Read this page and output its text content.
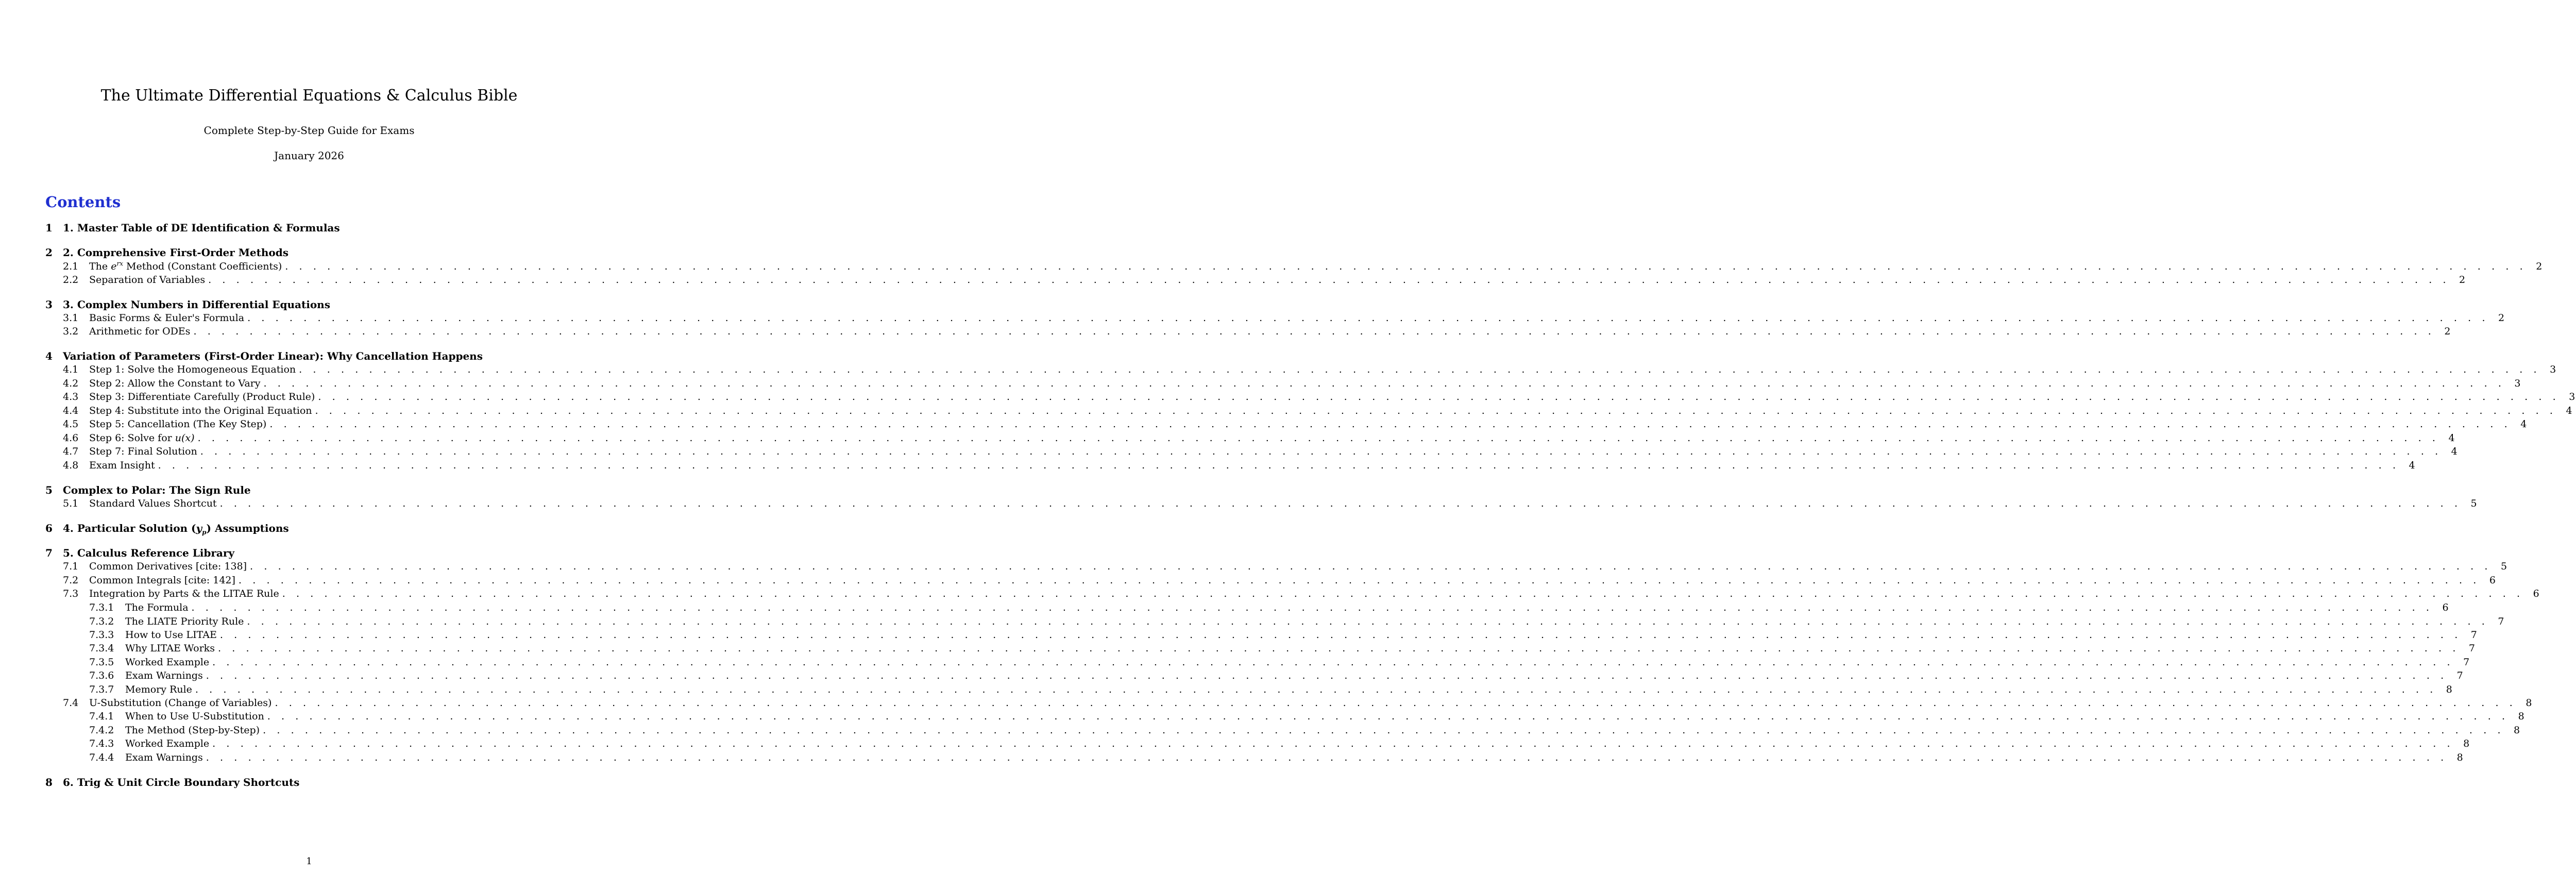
The Ultimate Differential Equations & Calculus Bible
Complete Step-by-Step Guide for Exams
January 2026
Contents
1	1. Master Table of DE Identification & Formulas
2	2. Comprehensive First-Order Methods
2.1	The $e^{rx}$ Method (Constant Coefficients) . . . . . . . . . . . . . . . . . . . . . . . . . . . . . . . . . . . . . . . . . . . . . . . . . . . . . . . . . . . . . . . . . . . . . . . . . . . . . . . . . . . . . . . . . . . . . . . . . . . . . . . . . . . . . . . . . . . . . . . . . . . . . . . . . . . . . . . . . . . . . . . . . . . . . . . . . . . . . . . . 2
2.2	Separation of Variables . . . . . . . . . . . . . . . . . . . . . . . . . . . . . . . . . . . . . . . . . . . . . . . . . . . . . . . . . . . . . . . . . . . . . . . . . . . . . . . . . . . . . . . . . . . . . . . . . . . . . . . . . . . . . . . . . . . . . . . . . . . . . . . . . . . . . . . . . . . . . . . . . . . . . . . . . . . . . . . . 2
3	3. Complex Numbers in Differential Equations
3.1	Basic Forms & Euler's Formula . . . . . . . . . . . . . . . . . . . . . . . . . . . . . . . . . . . . . . . . . . . . . . . . . . . . . . . . . . . . . . . . . . . . . . . . . . . . . . . . . . . . . . . . . . . . . . . . . . . . . . . . . . . . . . . . . . . . . . . . . . . . . . . . . . . . . . . . . . . . . . . . . . . . . . . . . . . . . . . . 2
3.2	Arithmetic for ODEs . . . . . . . . . . . . . . . . . . . . . . . . . . . . . . . . . . . . . . . . . . . . . . . . . . . . . . . . . . . . . . . . . . . . . . . . . . . . . . . . . . . . . . . . . . . . . . . . . . . . . . . . . . . . . . . . . . . . . . . . . . . . . . . . . . . . . . . . . . . . . . . . . . . . . . . . . . . . . . . . 2
4	Variation of Parameters (First-Order Linear): Why Cancellation Happens
4.1	Step 1: Solve the Homogeneous Equation . . . . . . . . . . . . . . . . . . . . . . . . . . . . . . . . . . . . . . . . . . . . . . . . . . . . . . . . . . . . . . . . . . . . . . . . . . . . . . . . . . . . . . . . . . . . . . . . . . . . . . . . . . . . . . . . . . . . . . . . . . . . . . . . . . . . . . . . . . . . . . . . . . . . . . . . . . . . . . . . 3
4.2	Step 2: Allow the Constant to Vary . . . . . . . . . . . . . . . . . . . . . . . . . . . . . . . . . . . . . . . . . . . . . . . . . . . . . . . . . . . . . . . . . . . . . . . . . . . . . . . . . . . . . . . . . . . . . . . . . . . . . . . . . . . . . . . . . . . . . . . . . . . . . . . . . . . . . . . . . . . . . . . . . . . . . . . . . . . . . . . . 3
4.3	Step 3: Differentiate Carefully (Product Rule) . . . . . . . . . . . . . . . . . . . . . . . . . . . . . . . . . . . . . . . . . . . . . . . . . . . . . . . . . . . . . . . . . . . . . . . . . . . . . . . . . . . . . . . . . . . . . . . . . . . . . . . . . . . . . . . . . . . . . . . . . . . . . . . . . . . . . . . . . . . . . . . . . . . . . . . . . . . . . . . . 3
4.4	Step 4: Substitute into the Original Equation . . . . . . . . . . . . . . . . . . . . . . . . . . . . . . . . . . . . . . . . . . . . . . . . . . . . . . . . . . . . . . . . . . . . . . . . . . . . . . . . . . . . . . . . . . . . . . . . . . . . . . . . . . . . . . . . . . . . . . . . . . . . . . . . . . . . . . . . . . . . . . . . . . . . . . . . . . . . . . . . 4
4.5	Step 5: Cancellation (The Key Step) . . . . . . . . . . . . . . . . . . . . . . . . . . . . . . . . . . . . . . . . . . . . . . . . . . . . . . . . . . . . . . . . . . . . . . . . . . . . . . . . . . . . . . . . . . . . . . . . . . . . . . . . . . . . . . . . . . . . . . . . . . . . . . . . . . . . . . . . . . . . . . . . . . . . . . . . . . . . . . . . 4
4.6	Step 6: Solve for u(x) . . . . . . . . . . . . . . . . . . . . . . . . . . . . . . . . . . . . . . . . . . . . . . . . . . . . . . . . . . . . . . . . . . . . . . . . . . . . . . . . . . . . . . . . . . . . . . . . . . . . . . . . . . . . . . . . . . . . . . . . . . . . . . . . . . . . . . . . . . . . . . . . . . . . . . . . . . . . . . . . 4
4.7	Step 7: Final Solution . . . . . . . . . . . . . . . . . . . . . . . . . . . . . . . . . . . . . . . . . . . . . . . . . . . . . . . . . . . . . . . . . . . . . . . . . . . . . . . . . . . . . . . . . . . . . . . . . . . . . . . . . . . . . . . . . . . . . . . . . . . . . . . . . . . . . . . . . . . . . . . . . . . . . . . . . . . . . . . . 4
4.8	Exam Insight . . . . . . . . . . . . . . . . . . . . . . . . . . . . . . . . . . . . . . . . . . . . . . . . . . . . . . . . . . . . . . . . . . . . . . . . . . . . . . . . . . . . . . . . . . . . . . . . . . . . . . . . . . . . . . . . . . . . . . . . . . . . . . . . . . . . . . . . . . . . . . . . . . . . . . . . . . . . . . . . 4
5	Complex to Polar: The Sign Rule
5.1	Standard Values Shortcut . . . . . . . . . . . . . . . . . . . . . . . . . . . . . . . . . . . . . . . . . . . . . . . . . . . . . . . . . . . . . . . . . . . . . . . . . . . . . . . . . . . . . . . . . . . . . . . . . . . . . . . . . . . . . . . . . . . . . . . . . . . . . . . . . . . . . . . . . . . . . . . . . . . . . . . . . . . . . . . . 5
6	4. Particular Solution $(y_p)$ Assumptions
7	5. Calculus Reference Library
7.1	Common Derivatives [cite: 138] . . . . . . . . . . . . . . . . . . . . . . . . . . . . . . . . . . . . . . . . . . . . . . . . . . . . . . . . . . . . . . . . . . . . . . . . . . . . . . . . . . . . . . . . . . . . . . . . . . . . . . . . . . . . . . . . . . . . . . . . . . . . . . . . . . . . . . . . . . . . . . . . . . . . . . . . . . . . . . . . 5
7.2	Common Integrals [cite: 142] . . . . . . . . . . . . . . . . . . . . . . . . . . . . . . . . . . . . . . . . . . . . . . . . . . . . . . . . . . . . . . . . . . . . . . . . . . . . . . . . . . . . . . . . . . . . . . . . . . . . . . . . . . . . . . . . . . . . . . . . . . . . . . . . . . . . . . . . . . . . . . . . . . . . . . . . . . . . . . . . 6
7.3	Integration by Parts & the LITAE Rule . . . . . . . . . . . . . . . . . . . . . . . . . . . . . . . . . . . . . . . . . . . . . . . . . . . . . . . . . . . . . . . . . . . . . . . . . . . . . . . . . . . . . . . . . . . . . . . . . . . . . . . . . . . . . . . . . . . . . . . . . . . . . . . . . . . . . . . . . . . . . . . . . . . . . . . . . . . . . . . . 6
7.3.1	The Formula . . . . . . . . . . . . . . . . . . . . . . . . . . . . . . . . . . . . . . . . . . . . . . . . . . . . . . . . . . . . . . . . . . . . . . . . . . . . . . . . . . . . . . . . . . . . . . . . . . . . . . . . . . . . . . . . . . . . . . . . . . . . . . . . . . . . . . . . . . . . . . . . . . . . . . . . . . . . . . . . 6
7.3.2	The LIATE Priority Rule . . . . . . . . . . . . . . . . . . . . . . . . . . . . . . . . . . . . . . . . . . . . . . . . . . . . . . . . . . . . . . . . . . . . . . . . . . . . . . . . . . . . . . . . . . . . . . . . . . . . . . . . . . . . . . . . . . . . . . . . . . . . . . . . . . . . . . . . . . . . . . . . . . . . . . . . . . . . . . . . 7
7.3.3	How to Use LITAE . . . . . . . . . . . . . . . . . . . . . . . . . . . . . . . . . . . . . . . . . . . . . . . . . . . . . . . . . . . . . . . . . . . . . . . . . . . . . . . . . . . . . . . . . . . . . . . . . . . . . . . . . . . . . . . . . . . . . . . . . . . . . . . . . . . . . . . . . . . . . . . . . . . . . . . . . . . . . . . . 7
7.3.4	Why LITAE Works . . . . . . . . . . . . . . . . . . . . . . . . . . . . . . . . . . . . . . . . . . . . . . . . . . . . . . . . . . . . . . . . . . . . . . . . . . . . . . . . . . . . . . . . . . . . . . . . . . . . . . . . . . . . . . . . . . . . . . . . . . . . . . . . . . . . . . . . . . . . . . . . . . . . . . . . . . . . . . . . 7
7.3.5	Worked Example . . . . . . . . . . . . . . . . . . . . . . . . . . . . . . . . . . . . . . . . . . . . . . . . . . . . . . . . . . . . . . . . . . . . . . . . . . . . . . . . . . . . . . . . . . . . . . . . . . . . . . . . . . . . . . . . . . . . . . . . . . . . . . . . . . . . . . . . . . . . . . . . . . . . . . . . . . . . . . . . 7
7.3.6	Exam Warnings . . . . . . . . . . . . . . . . . . . . . . . . . . . . . . . . . . . . . . . . . . . . . . . . . . . . . . . . . . . . . . . . . . . . . . . . . . . . . . . . . . . . . . . . . . . . . . . . . . . . . . . . . . . . . . . . . . . . . . . . . . . . . . . . . . . . . . . . . . . . . . . . . . . . . . . . . . . . . . . . 7
7.3.7	Memory Rule . . . . . . . . . . . . . . . . . . . . . . . . . . . . . . . . . . . . . . . . . . . . . . . . . . . . . . . . . . . . . . . . . . . . . . . . . . . . . . . . . . . . . . . . . . . . . . . . . . . . . . . . . . . . . . . . . . . . . . . . . . . . . . . . . . . . . . . . . . . . . . . . . . . . . . . . . . . . . . . . 8
7.4	U-Substitution (Change of Variables) . . . . . . . . . . . . . . . . . . . . . . . . . . . . . . . . . . . . . . . . . . . . . . . . . . . . . . . . . . . . . . . . . . . . . . . . . . . . . . . . . . . . . . . . . . . . . . . . . . . . . . . . . . . . . . . . . . . . . . . . . . . . . . . . . . . . . . . . . . . . . . . . . . . . . . . . . . . . . . . . 8
7.4.1	When to Use U-Substitution . . . . . . . . . . . . . . . . . . . . . . . . . . . . . . . . . . . . . . . . . . . . . . . . . . . . . . . . . . . . . . . . . . . . . . . . . . . . . . . . . . . . . . . . . . . . . . . . . . . . . . . . . . . . . . . . . . . . . . . . . . . . . . . . . . . . . . . . . . . . . . . . . . . . . . . . . . . . . . . . 8
7.4.2	The Method (Step-by-Step) . . . . . . . . . . . . . . . . . . . . . . . . . . . . . . . . . . . . . . . . . . . . . . . . . . . . . . . . . . . . . . . . . . . . . . . . . . . . . . . . . . . . . . . . . . . . . . . . . . . . . . . . . . . . . . . . . . . . . . . . . . . . . . . . . . . . . . . . . . . . . . . . . . . . . . . . . . . . . . . . 8
7.4.3	Worked Example . . . . . . . . . . . . . . . . . . . . . . . . . . . . . . . . . . . . . . . . . . . . . . . . . . . . . . . . . . . . . . . . . . . . . . . . . . . . . . . . . . . . . . . . . . . . . . . . . . . . . . . . . . . . . . . . . . . . . . . . . . . . . . . . . . . . . . . . . . . . . . . . . . . . . . . . . . . . . . . . 8
7.4.4	Exam Warnings . . . . . . . . . . . . . . . . . . . . . . . . . . . . . . . . . . . . . . . . . . . . . . . . . . . . . . . . . . . . . . . . . . . . . . . . . . . . . . . . . . . . . . . . . . . . . . . . . . . . . . . . . . . . . . . . . . . . . . . . . . . . . . . . . . . . . . . . . . . . . . . . . . . . . . . . . . . . . . . . 8
8	6. Trig & Unit Circle Boundary Shortcuts
1
